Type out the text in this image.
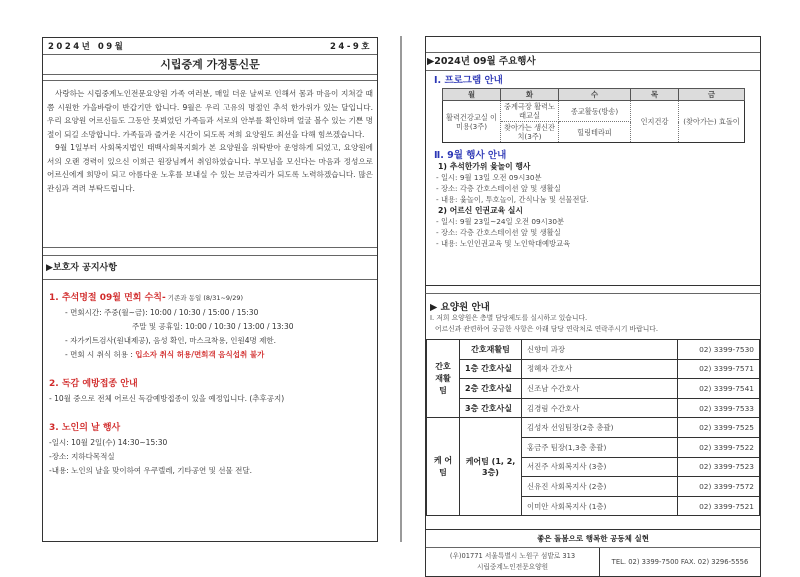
2024년 09월	24-9호
시립중계 가정통신문

사랑하는 시립중계노인전문요양원 가족 여러분, 매일 더운 날씨로 인해서 몸과 마음이 지쳐갈 때 쯤 시원한 가을바람이 반갑기만 합니다. 9월은 우리 고유의 명절인 추석 한가위가 있는 달입니다. 우리 요양원 어르신들도 그동안 못뵈었던 가족들과 서로의 안부를 확인하며 얼굴 볼수 있는 기쁜 명절이 되길 소망합니다. 가족들과 즐거운 시간이 되도록 저희 요양원도 최선을 다해 힘쓰겠습니다.

9월 1일부터 사회복지법인 태백사회복지회가 본 요양원을 위탁받아 운영하게 되었고, 요양원에서의 오랜 경력이 있으신 이희근 원장님께서 취임하였습니다. 부모님을 모신다는 마음과 정성으로 어르신에게 희망이 되고 아름다운 노후를 보내실 수 있는 보금자리가 되도록 노력하겠습니다. 많은 관심과 격려 부탁드립니다.

▶보호자 공지사항
1. 추석명절 09월 면회 수칙- 기존과 동일 (8/31~9/29)
- 면회시간: 주중(월~금): 10:00 / 10:30 / 15:00 / 15:30
주말 및 공휴일: 10:00 / 10:30 / 13:00 / 13:30
- 자가키트검사(원내제공), 음성 확인, 마스크착용, 인원4명 제한.
- 면회 시 취식 허용 : 입소자 취식 허용/면회객 음식섭취 불가
2. 독감 예방접종 안내
- 10월 중으로 전체 어르신 독감예방접종이 있을 예정입니다. (추후공지)
3. 노인의 날 행사
-일시: 10월 2일(수) 14:30~15:30
-장소: 지하다목적실
-내용: 노인의 날을 맞이하여 우쿠렐레, 기타공연 및 선물 전달.
▶2024년 09월 주요행사
Ⅰ. 프로그램 안내
월	화	수	목	금
활력건강교실 이미용(3주)	중계극장 활력노래교실	종교활동(방송)	인지건강	(찾아가는) 효돌이
	찾아가는 생신잔치(3주)	힐링테라피		
Ⅱ. 9월 행사 안내
1) 추석한가위 윷놀이 행사
- 일시: 9월 13일 오전 09시30분
- 장소: 각층 간호스테이션 앞 및 생활실
- 내용: 윷놀이, 투호놀이, 간식나눔 및 선물전달.
2) 어르신 인권교육 실시
- 일시: 9월 23일~24일 오전 09시30분
- 장소: 각층 간호스테이션 앞 및 생활실
- 내용: 노인인권교육 및 노인학대예방교육
▶ 요양원 안내
Ⅰ. 저희 요양원은 층별 담당제도를 실시하고 있습니다.
어르신과 관련하여 궁금한 사항은 아래 담당 연락처로 연락주시기 바랍니다.
간호 재활 팀	간호재활팀	신향미 과장	02) 3399-7530
	1층 간호사실	정혜자 간호사	02) 3399-7571
	2층 간호사실	신조남 수간호사	02) 3399-7541
	3층 간호사실	김경림 수간호사	02) 3399-7533
케 어 팀	케어팀 (1, 2, 3층)	김성자 선임팀장(2층 총괄)	02) 3399-7525
		홍금주 팀장(1,3층 총괄)	02) 3399-7522
		서진주 사회복지사 (3층)	02) 3399-7523
		신유진 사회복지사 (2층)	02) 3399-7572
		이미안 사회복지사 (1층)	02) 3399-7521
좋은 돌봄으로 행복한 공동체 실현
(우)01771 서울특별시 노원구 섬밭로 313
시립중계노인전문요양원
TEL. 02) 3399-7500 FAX. 02) 3296-5556
